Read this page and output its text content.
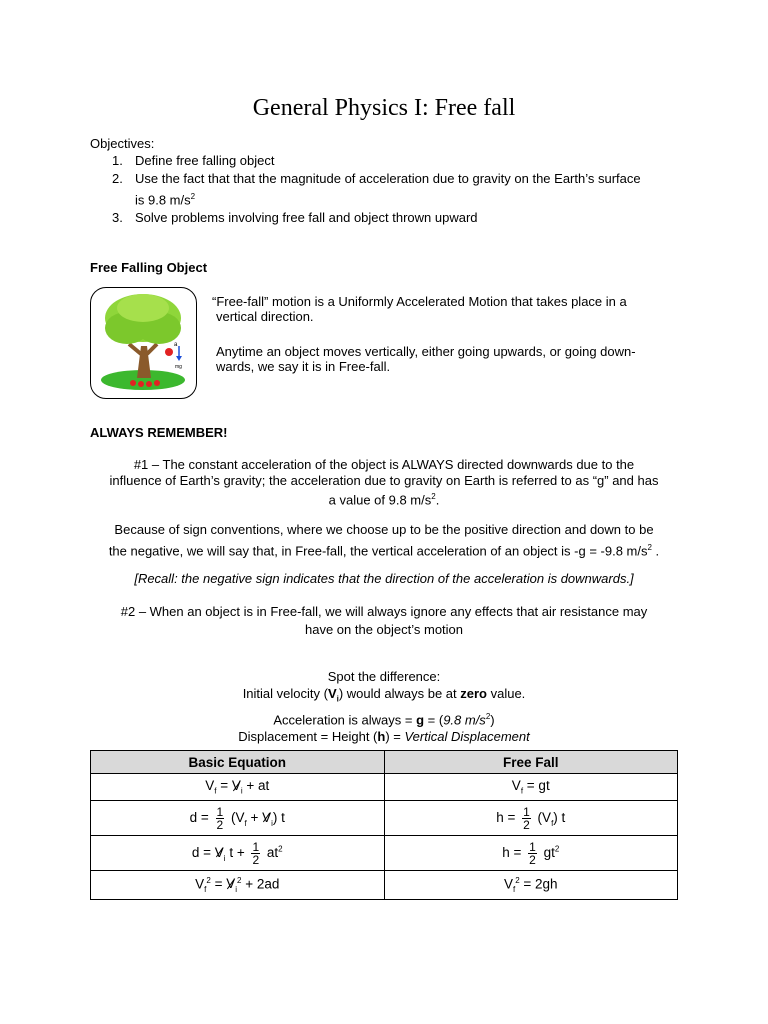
General Physics I: Free fall
Objectives:
1. Define free falling object
2. Use the fact that that the magnitude of acceleration due to gravity on the Earth’s surface
is 9.8 $m/s^2$
3. Solve problems involving free fall and object thrown upward
Free Falling Object
a
mg
“Free-fall” motion is a Uniformly Accelerated Motion that takes place in a
vertical direction.
Anytime an object moves vertically, either going upwards, or going down-
wards, we say it is in Free-fall.
ALWAYS REMEMBER!
#1 – The constant acceleration of the object is ALWAYS directed downwards due to the
influence of Earth’s gravity; the acceleration due to gravity on Earth is referred to as “g” and has
a value of 9.8 $m/s^2$.
Because of sign conventions, where we choose up to be the positive direction and down to be
the negative, we will say that, in Free-fall, the vertical acceleration of an object is -g = -9.8 $m/s^2$ .
[Recall: the negative sign indicates that the direction of the acceleration is downwards.]
#2 – When an object is in Free-fall, we will always ignore any effects that air resistance may
have on the object’s motion
Spot the difference:
Initial velocity $(V_i)$ would always be at zero value.
Acceleration is always = g = (9.8 $m/s^2$)
Displacement = Height (h) = Vertical Displacement
Basic Equation	Free Fall
$V_f = V_i$ + at	$V_f$ = gt
$d = \frac{1}{2} (V_f + V_i)$ t	$h = \frac{1}{2} (V_f)$ t
$d = V_i$ $t + \frac{1}{2} at^2$	$h = \frac{1}{2} gt^2$
$V_f^2 = V_i^2 + 2ad$	$V_f^2 = 2gh$
